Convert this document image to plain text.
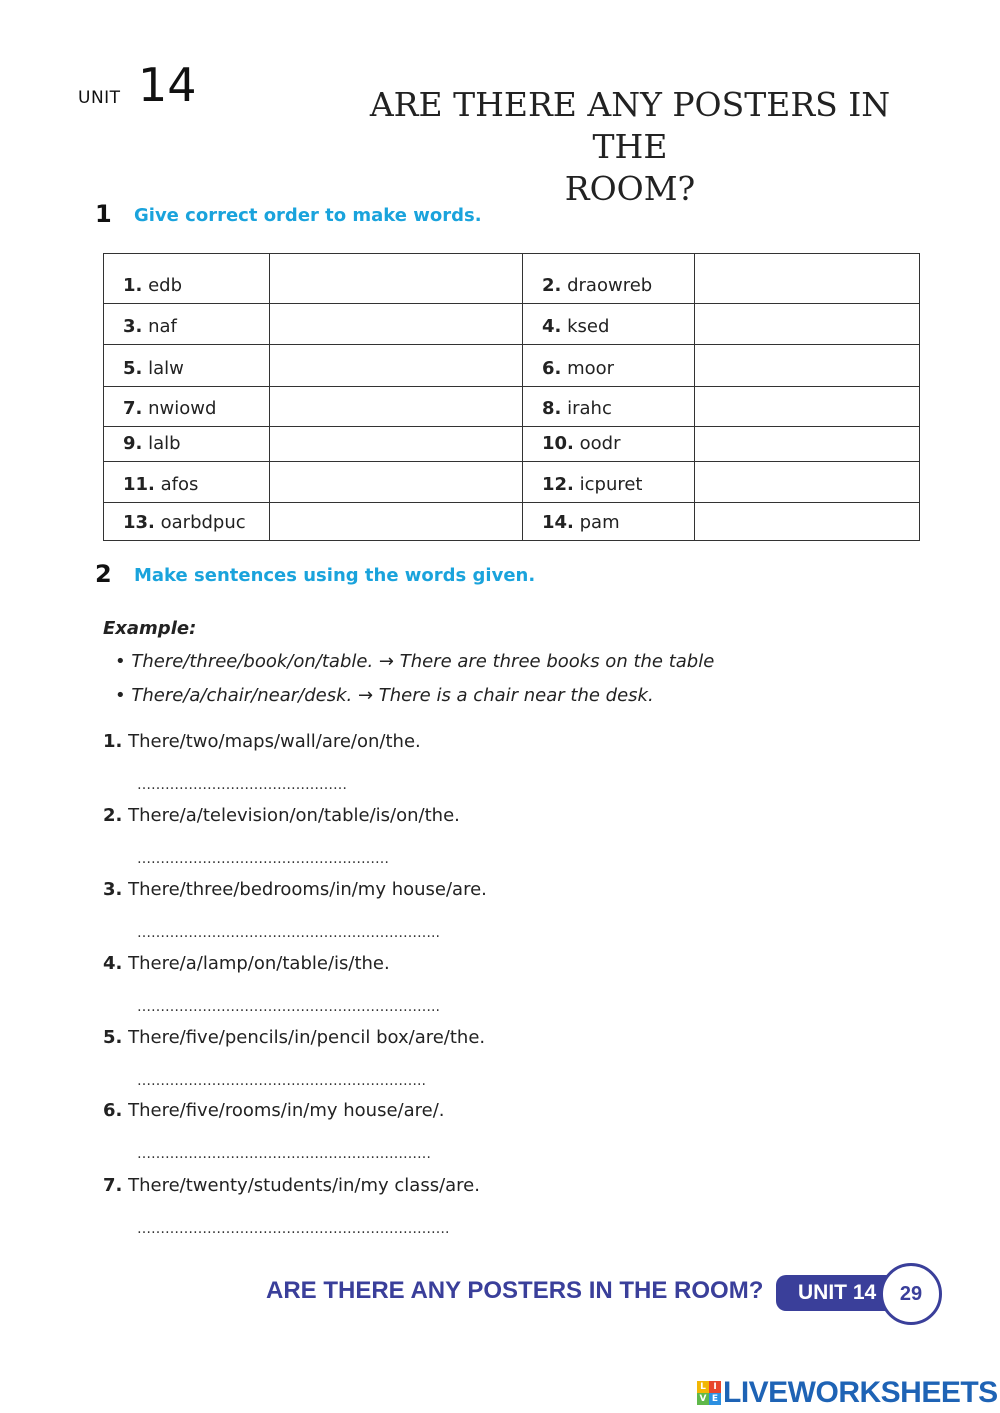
UNIT 14	ARE THERE ANY POSTERS IN THE
ROOM?
1 Give correct order to make words.
1. edb		2. draowreb	
3. naf		4. ksed	
5. lalw		6. moor	
7. nwiowd		8. irahc	
9. lalb		10. oodr	
11. afos		12. icpuret	
13. oarbdpuc		14. pam	
2 Make sentences using the words given.
Example:
• There/three/book/on/table. → There are three books on the table
• There/a/chair/near/desk. → There is a chair near the desk.
1. There/two/maps/wall/are/on/the.
………………………………………
2. There/a/television/on/table/is/on/the.
………………………………………………
3. There/three/bedrooms/in/my house/are.
………………………………………………………..
4. There/a/lamp/on/table/is/the.
………………………………………………………..
5. There/five/pencils/in/pencil box/are/the.
……………………………………………………..
6. There/five/rooms/in/my house/are/.
………………………………………………………
7. There/twenty/students/in/my class/are.
………………………………………………………….
ARE THERE ANY POSTERS IN THE ROOM?	UNIT 14	29
L I
V E LIVEWORKSHEETS
